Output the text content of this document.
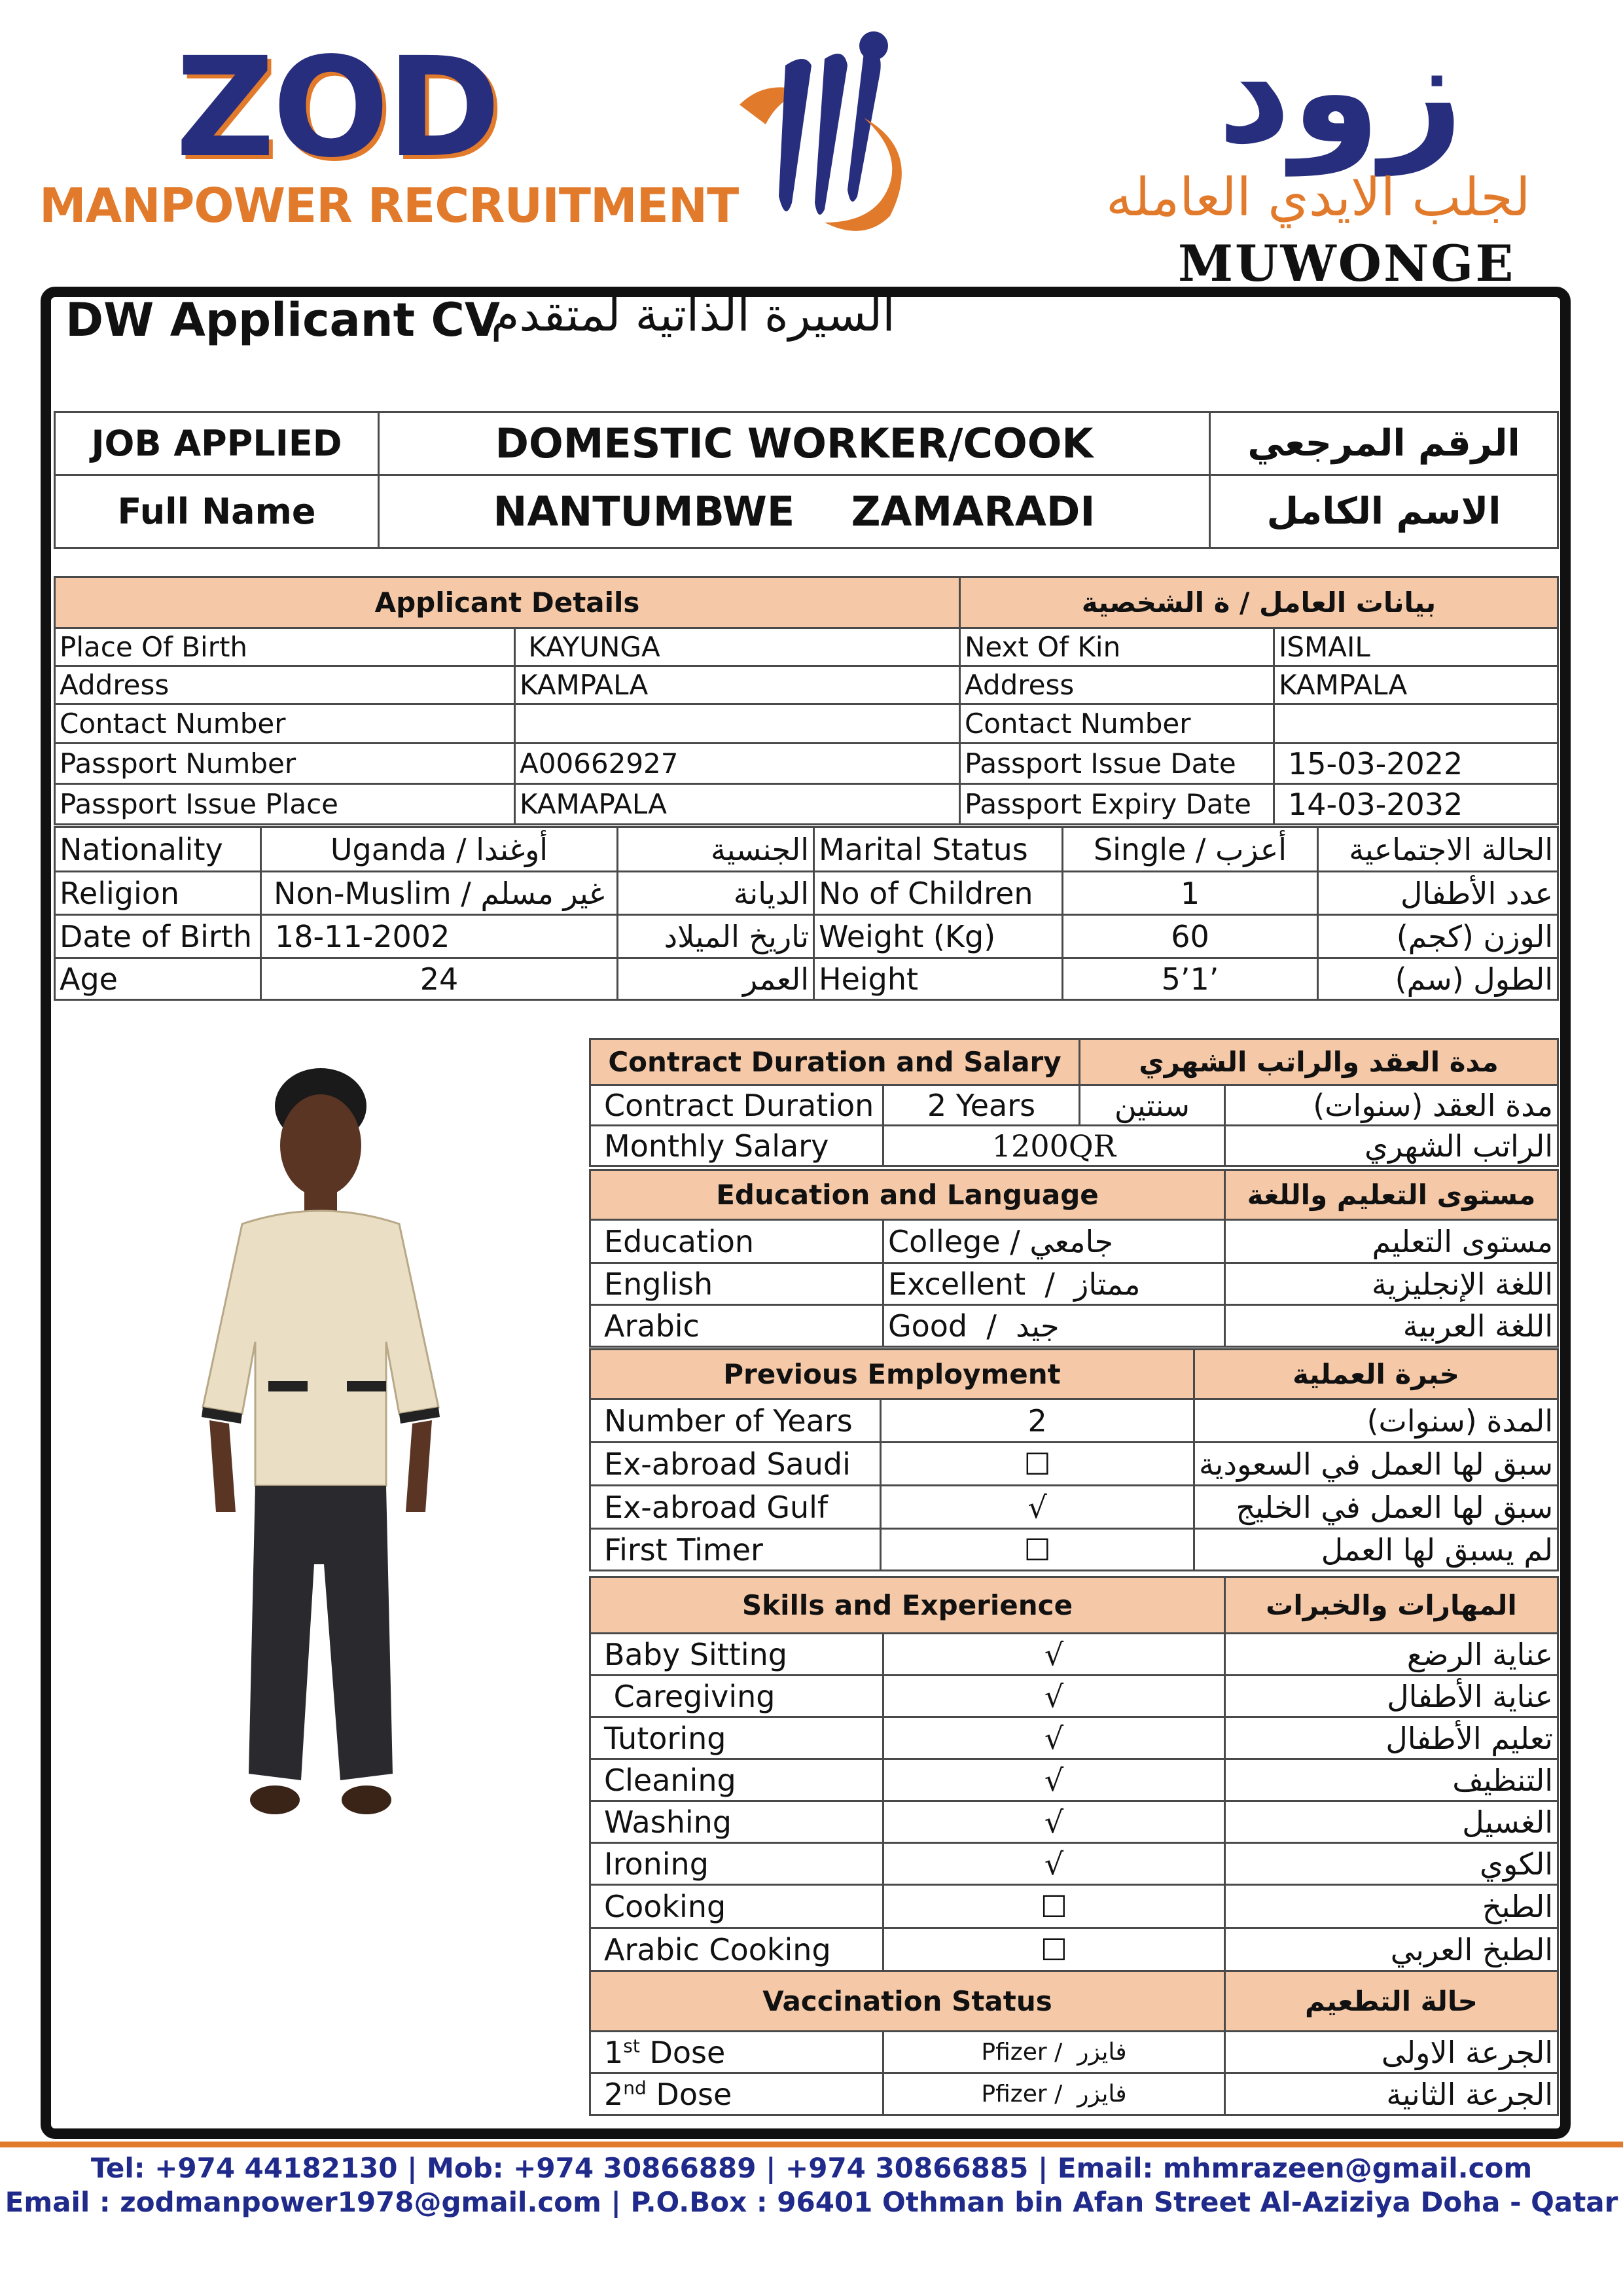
ZOD
MANPOWER RECRUITMENT
زود
لجلب الايدي العامله
MUWONGE
DW Applicant CV
السيرة الذاتية لمتقدم
JOB APPLIED	DOMESTIC WORKER/COOK	الرقم المرجعي
Full Name	NANTUMBWE    ZAMARADI	الاسم الكامل
Applicant Details		بيانات العامل / ة الشخصية	
Place Of Birth	KAYUNGA	Next Of Kin	ISMAIL
Address	KAMPALA	Address	KAMPALA
Contact Number		Contact Number	
Passport Number	A00662927	Passport Issue Date	15-03-2022
Passport Issue Place	KAMAPALA	Passport Expiry Date	14-03-2032
Nationality	Uganda / أوغندا	الجنسية	Marital Status	Single / أعزب	الحالة الاجتماعية
Religion	Non-Muslim / غير مسلم	الديانة	No of Children	1	عدد الأطفال
Date of Birth	18-11-2002	تاريخ الميلاد	Weight (Kg)	60	الوزن (كجم)
Age	24	العمر	Height	5’1’	الطول (سم)
Contract Duration and Salary		مدة العقد والراتب الشهري	
Contract Duration	2 Years	سنتين	مدة العقد (سنوات)
Monthly Salary	1200QR		الراتب الشهري
Education and Language		مستوى التعليم واللغة
Education	College / جامعي	مستوى التعليم
English	Excellent  /  ممتاز	اللغة الإنجليزية
Arabic	Good  /  جيد	اللغة العربية
Previous Employment		خبرة العملية
Number of Years	2	المدة (سنوات)
Ex-abroad Saudi	☐	سبق لها العمل في السعودية
Ex-abroad Gulf	√	سبق لها العمل في الخليج
First Timer	☐	لم يسبق لها العمل
Skills and Experience		المهارات والخبرات
Baby Sitting	√	عناية الرضع
Caregiving	√	عناية الأطفال
Tutoring	√	تعليم الأطفال
Cleaning	√	التنظيف
Washing	√	الغسيل
Ironing	√	الكوي
Cooking	☐	الطبخ
Arabic Cooking	☐	الطبخ العربي
Vaccination Status		حالة التطعيم
1st Dose	Pfizer /  فايزر	الجرعة الاولى
2nd Dose	Pfizer /  فايزر	الجرعة الثانية
Tel: +974 44182130 | Mob: +974 30866889 | +974 30866885 | Email: mhmrazeen@gmail.com
Email : zodmanpower1978@gmail.com | P.O.Box : 96401 Othman bin Afan Street Al-Aziziya Doha - Qatar
